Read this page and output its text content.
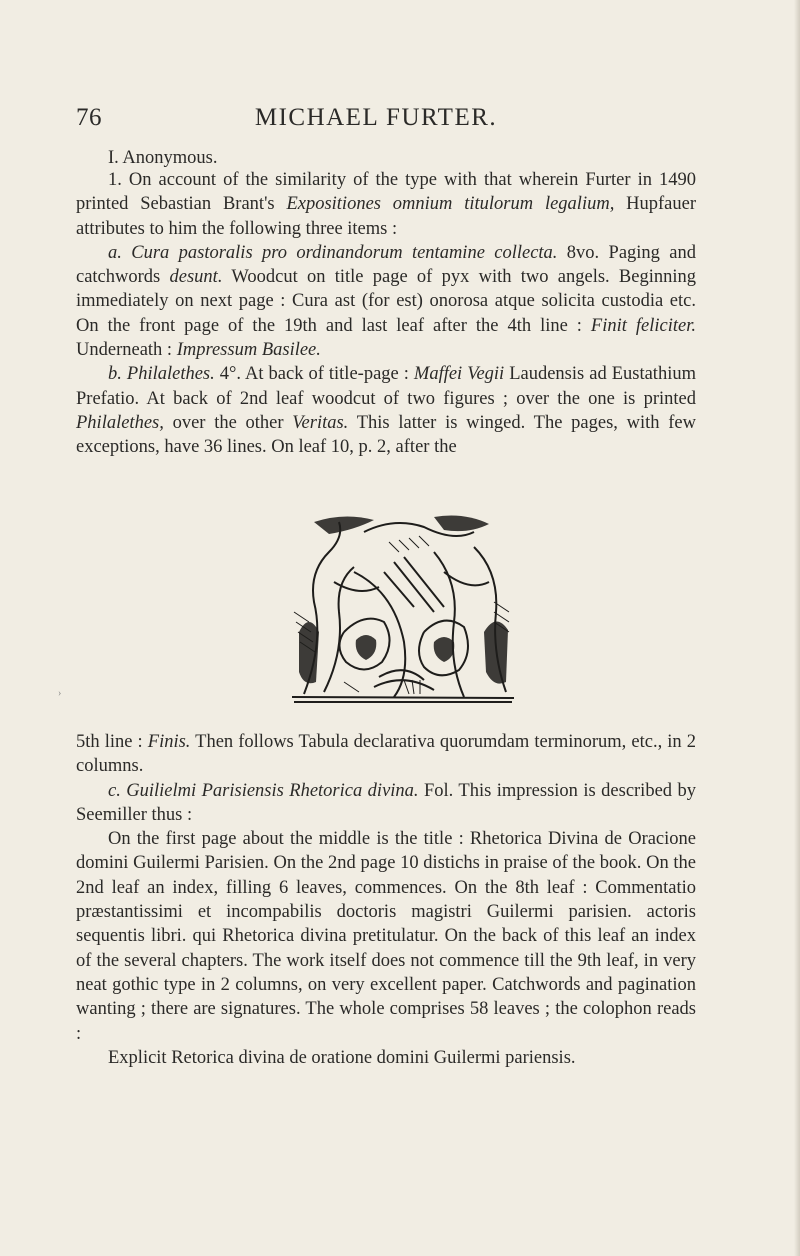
76	MICHAEL FURTER.
I. Anonymous.

1. On account of the similarity of the type with that wherein Furter in 1490 printed Sebastian Brant's Expositiones omnium titulorum legalium, Hupfauer attributes to him the following three items :

a. Cura pastoralis pro ordinandorum tentamine collecta. 8vo. Paging and catchwords desunt. Woodcut on title page of pyx with two angels. Beginning immediately on next page : Cura ast (for est) onorosa atque solicita custodia etc. On the front page of the 19th and last leaf after the 4th line : Finit feliciter. Underneath : Impressum Basilee.

b. Philalethes. 4°. At back of title-page : Maffei Vegii Laudensis ad Eustathium Prefatio. At back of 2nd leaf woodcut of two figures ; over the one is printed Philalethes, over the other Veritas. This latter is winged. The pages, with few exceptions, have 36 lines. On leaf 10, p. 2, after the

›

5th line : Finis. Then follows Tabula declarativa quorumdam terminorum, etc., in 2 columns.

c. Guilielmi Parisiensis Rhetorica divina. Fol. This impression is described by Seemiller thus :

On the first page about the middle is the title : Rhetorica Divina de Oracione domini Guilermi Parisien. On the 2nd page 10 distichs in praise of the book. On the 2nd leaf an index, filling 6 leaves, commences. On the 8th leaf : Commentatio præstantissimi et incompabilis doctoris magistri Guilermi parisien. actoris sequentis libri. qui Rhetorica divina pretitulatur. On the back of this leaf an index of the several chapters. The work itself does not commence till the 9th leaf, in very neat gothic type in 2 columns, on very excellent paper. Catchwords and pagination wanting ; there are signatures. The whole comprises 58 leaves ; the colophon reads :

Explicit Retorica divina de oratione domini Guilermi pariensis.
